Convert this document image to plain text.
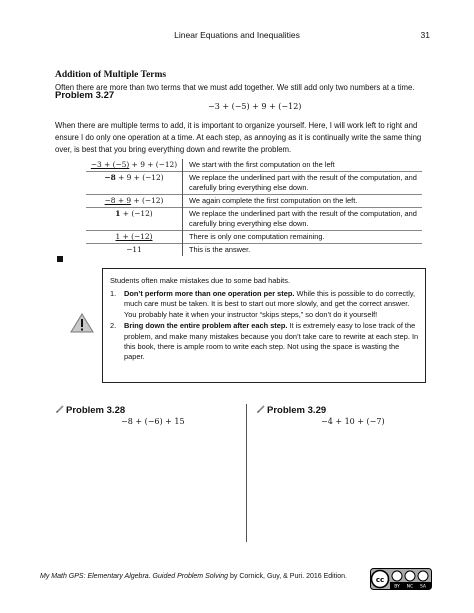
Linear Equations and Inequalities	31
Addition of Multiple Terms
Often there are more than two terms that we must add together. We still add only two numbers at a time.
Problem 3.27
−3 + (−5) + 9 + (−12)
When there are multiple terms to add, it is important to organize yourself. Here, I will work left to right and ensure I do only one operation at a time. At each step, as annoying as it is continually write the same thing over, is best that you bring everything down and rewrite the problem.
−3 + (−5) + 9 + (−12)	We start with the first computation on the left
−8 + 9 + (−12)	We replace the underlined part with the result of the computation, and carefully bring everything else down.
−8 + 9 + (−12)	We again complete the first computation on the left.
1 + (−12)	We replace the underlined part with the result of the computation, and carefully bring everything else down.
1 + (−12)	There is only one computation remaining.
−11	This is the answer.
Students often make mistakes due to some bad habits.
1. Don’t perform more than one operation per step. While this is possible to do correctly, much care must be taken. It is best to start out more slowly, and get the correct answer. You probably hate it when your instructor “skips steps,” so don’t do it yourself!
2. Bring down the entire problem after each step. It is extremely easy to lose track of the problem, and make many mistakes because you don’t take care to rewrite at each step. In this book, there is ample room to write each step. Not using the space is wasting the paper.
Problem 3.28
−8 + (−6) + 15
Problem 3.29
−4 + 10 + (−7)
My Math GPS: Elementary Algebra. Guided Problem Solving by Cornick, Guy, & Puri. 2016 Edition.	cc
BY NC SA
